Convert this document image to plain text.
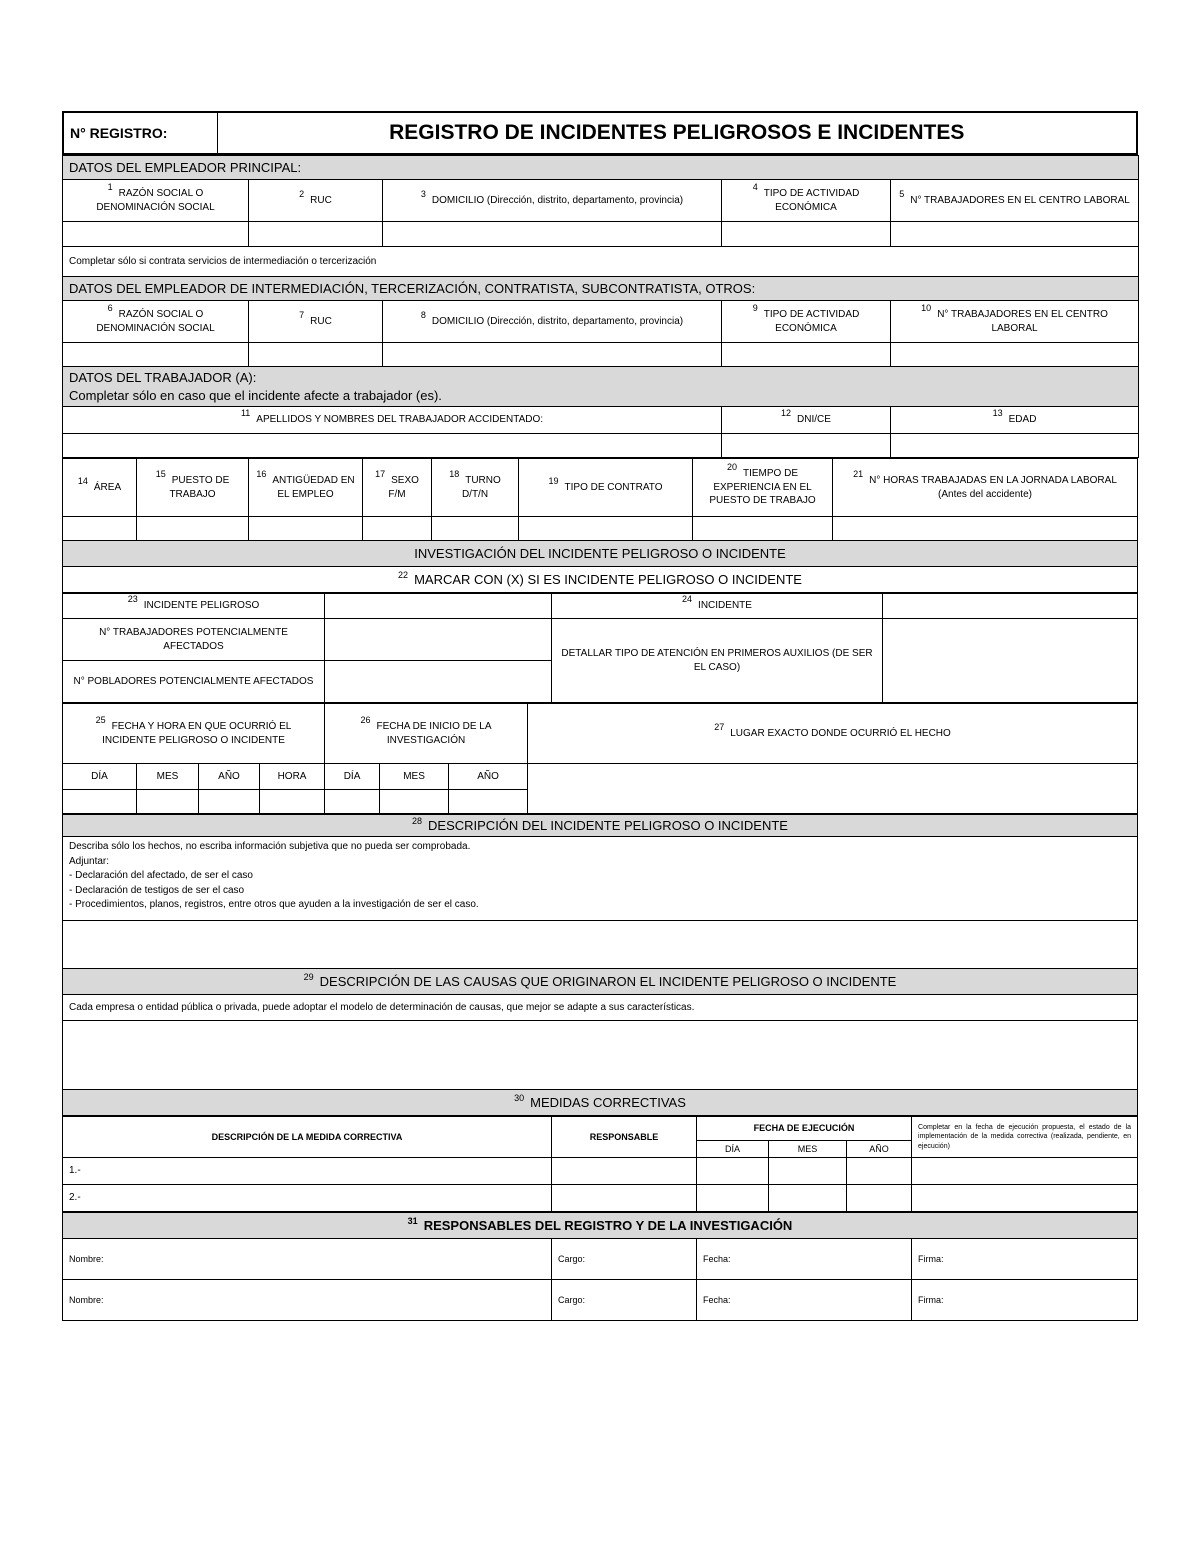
N° REGISTRO:	REGISTRO DE INCIDENTES PELIGROSOS E INCIDENTES
DATOS DEL EMPLEADOR PRINCIPAL:				
1RAZÓN SOCIAL O DENOMINACIÓN SOCIAL	2RUC	3DOMICILIO (Dirección, distrito, departamento, provincia)	4TIPO DE ACTIVIDAD ECONÓMICA	5N° TRABAJADORES EN EL CENTRO LABORAL

Completar sólo si contrata servicios de intermediación o tercerización				
DATOS DEL EMPLEADOR DE INTERMEDIACIÓN, TERCERIZACIÓN, CONTRATISTA, SUBCONTRATISTA, OTROS:				
6RAZÓN SOCIAL O DENOMINACIÓN SOCIAL	7RUC	8DOMICILIO (Dirección, distrito, departamento, provincia)	9TIPO DE ACTIVIDAD ECONÓMICA	10N° TRABAJADORES EN EL CENTRO LABORAL

DATOS DEL TRABAJADOR (A):
Completar sólo en caso que el incidente afecte a trabajador (es).				

11APELLIDOS Y NOMBRES DEL TRABAJADOR ACCIDENTADO:			12DNI/CE	13EDAD

14ÁREA	15PUESTO DE TRABAJO	16ANTIGÜEDAD EN EL EMPLEO	17SEXO F/M	18TURNO D/T/N	19TIPO DE CONTRATO	20TIEMPO DE EXPERIENCIA EN EL PUESTO DE TRABAJO	21N° HORAS TRABAJADAS EN LA JORNADA LABORAL
(Antes del accidente)

INVESTIGACIÓN DEL INCIDENTE PELIGROSO O INCIDENTE							
$^{22}$ MARCAR CON (X) SI ES INCIDENTE PELIGROSO O INCIDENTE							
23INCIDENTE PELIGROSO		24INCIDENTE	
N° TRABAJADORES POTENCIALMENTE AFECTADOS		DETALLAR TIPO DE ATENCIÓN EN PRIMEROS AUXILIOS (DE SER EL CASO)	
N° POBLADORES POTENCIALMENTE AFECTADOS			
25FECHA Y HORA EN QUE OCURRIÓ EL INCIDENTE PELIGROSO O INCIDENTE				26FECHA DE INICIO DE LA INVESTIGACIÓN			27LUGAR EXACTO DONDE OCURRIÓ EL HECHO
DÍA	MES	AÑO	HORA	DÍA	MES	AÑO	

$^{28}$ DESCRIPCIÓN DEL INCIDENTE PELIGROSO O INCIDENTE

Describa sólo los hechos, no escriba información subjetiva que no pueda ser comprobada.
Adjuntar:
- Declaración del afectado, de ser el caso
- Declaración de testigos de ser el caso
- Procedimientos, planos, registros, entre otros que ayuden a la investigación de ser el caso.

$^{29}$ DESCRIPCIÓN DE LAS CAUSAS QUE ORIGINARON EL INCIDENTE PELIGROSO O INCIDENTE
Cada empresa o entidad pública o privada, puede adoptar el modelo de determinación de causas, que mejor se adapte a sus características.

$^{30}$ MEDIDAS CORRECTIVAS
DESCRIPCIÓN DE LA MEDIDA CORRECTIVA	RESPONSABLE	FECHA DE EJECUCIÓN			Completar en la fecha de ejecución propuesta, el estado de la implementación de la medida correctiva (realizada, pendiente, en ejecución)
		DÍA	MES	AÑO	
1.-					
2.-					
$^{31}$ RESPONSABLES DEL REGISTRO Y DE LA INVESTIGACIÓN			
Nombre:	Cargo:	Fecha:	Firma:
Nombre:	Cargo:	Fecha:	Firma:
